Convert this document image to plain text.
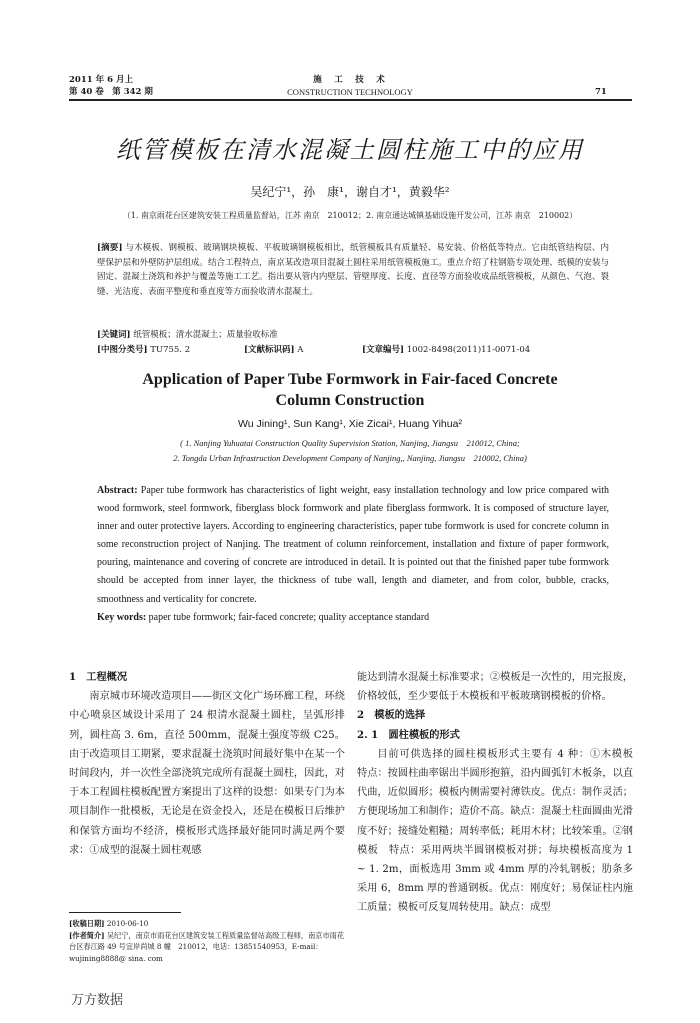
2011 年 6 月上
第 40 卷　第 342 期
施　工　技　术
CONSTRUCTION TECHNOLOGY	71
纸管模板在清水混凝土圆柱施工中的应用
吴纪宁¹，孙　康¹，谢自才¹，黄毅华²
（1. 南京雨花台区建筑安装工程质量监督站，江苏 南京　210012；2. 南京通达城镇基础设施开发公司，江苏 南京　210002）
[摘要] 与木模板、钢模板、玻璃钢块模板、平板玻璃钢模板相比，纸管模板具有质量轻、易安装、价格低等特点。它由纸管结构层、内壁保护层和外壁防护层组成。结合工程特点，南京某改造项目混凝土圆柱采用纸管模板施工。重点介绍了柱钢筋专项处理、纸模的安装与固定、混凝土浇筑和养护与覆盖等施工工艺。指出要从管内内壁层、管壁厚度、长度、直径等方面验收成品纸管模板，从颜色、气泡、裂缝、光洁度、表面平整度和垂直度等方面验收清水混凝土。
[关键词] 纸管模板；清水混凝土；质量验收标准
[中图分类号] TU755. 2	[文献标识码] A	[文章编号] 1002-8498(2011)11-0071-04
Application of Paper Tube Formwork in Fair-faced Concrete
Column Construction
Wu Jining¹, Sun Kang¹, Xie Zicai¹, Huang Yihua²
( 1. Nanjing Yuhuatai Construction Quality Supervision Station, Nanjing, Jiangsu　210012, China;
2. Tongda Urban Infrastruction Development Company of Nanjing,, Nanjing, Jiangsu　210002, China)
Abstract: Paper tube formwork has characteristics of light weight, easy installation technology and low price compared with wood formwork, steel formwork, fiberglass block formwork and plate fiberglass formwork. It is composed of structure layer, inner and outer protective layers. According to engineering characteristics, paper tube formwork is used for concrete column in some reconstruction project of Nanjing. The treatment of column reinforcement, installation and fixture of paper formwork, pouring, maintenance and covering of concrete are introduced in detail. It is pointed out that the finished paper tube formwork should be accepted from inner layer, the thickness of tube wall, length and diameter, and from color, bubble, cracks, smoothness and verticality for concrete.
Key words: paper tube formwork; fair-faced concrete; quality acceptance standard

1　工程概况

南京城市环境改造项目——街区文化广场环廊工程，环绕中心喷泉区域设计采用了 24 根清水混凝土圆柱，呈弧形排列，圆柱高 3. 6m，直径 500mm，混凝土强度等级 C25。由于改造项目工期紧，要求混凝土浇筑时间最好集中在某一个时间段内，并一次性全部浇筑完成所有混凝土圆柱，因此，对于本工程圆柱模板配置方案提出了这样的设想：如果专门为本项目制作一批模板，无论是在资金投入，还是在模板日后维护和保管方面均不经济，模板形式选择最好能同时满足两个要求：①成型的混凝土圆柱观感

[收稿日期] 2010-06-10
[作者简介] 吴纪宁，南京市雨花台区建筑安装工程质量监督站高级工程师，南京市雨花台区春江路 49 号宜岸尚城 8 幢　210012，电话：13851540953，E-mail：wujining8888@ sina. com

能达到清水混凝土标准要求；②模板是一次性的，用完报废，价格较低，至少要低于木模板和平板玻璃钢模板的价格。

2　模板的选择

2. 1　圆柱模板的形式

目前可供选择的圆柱模板形式主要有 4 种：①木模板　特点：按圆柱曲率锯出半圆形抱箍，沿内圆弧钉木板条，以直代曲，近似圆形；模板内侧需要衬薄铁皮。优点：制作灵活；方便现场加工和制作；造价不高。缺点：混凝土柱面圆曲光滑度不好；接缝处粗糙；周转率低；耗用木材；比较笨重。②钢模板　特点：采用两块半圆钢模板对拼；每块模板高度为 1 ~ 1. 2m，面板选用 3mm 或 4mm 厚的冷轧钢板；肋条多采用 6，8mm 厚的普通钢板。优点：刚度好；易保证柱内施工质量；模板可反复周转使用。缺点：成型

万方数据
